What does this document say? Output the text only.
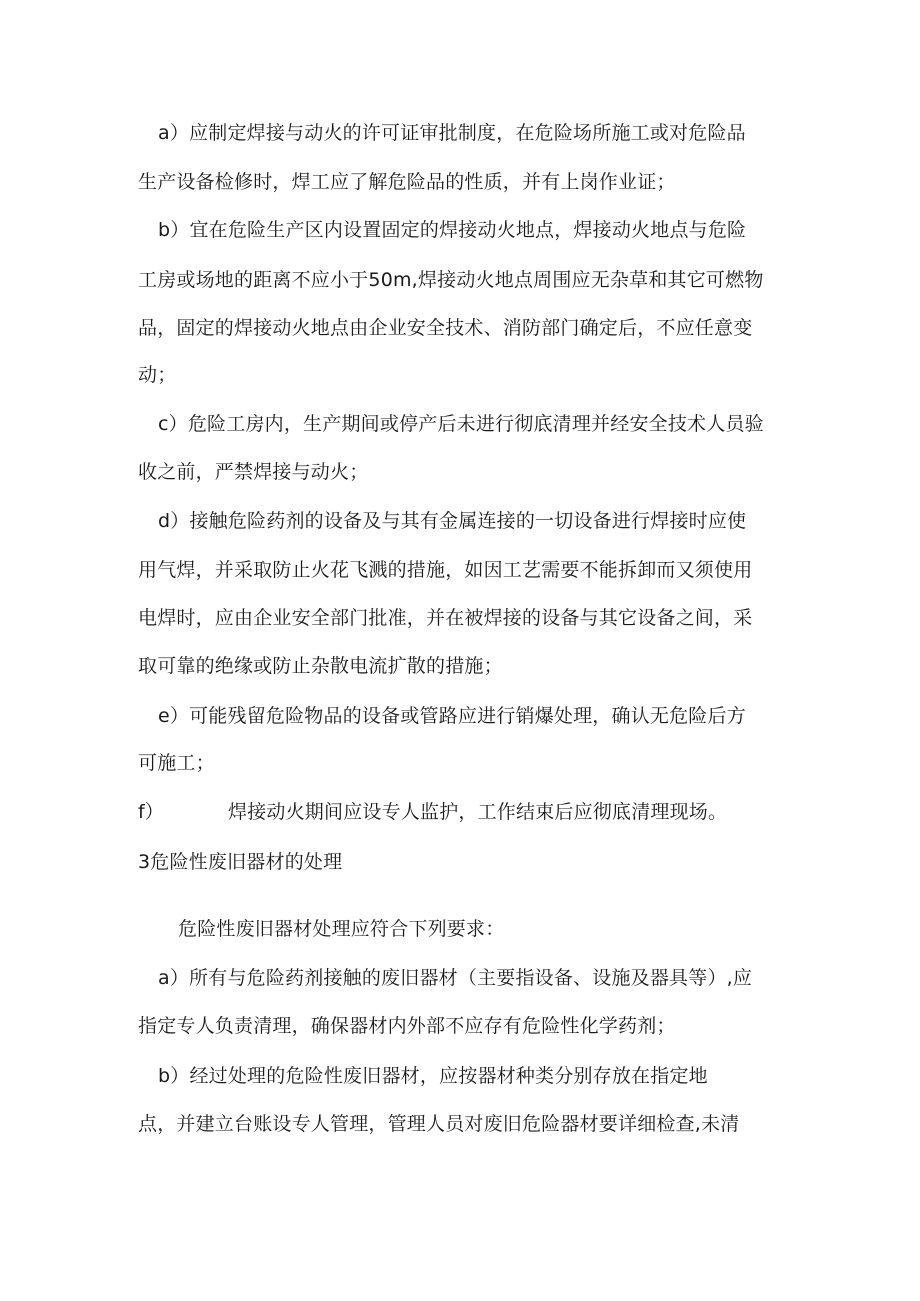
a）应制定焊接与动火的许可证审批制度，在危险场所施工或对危险品
生产设备检修时，焊工应了解危险品的性质，并有上岗作业证；
b）宜在危险生产区内设置固定的焊接动火地点，焊接动火地点与危险
工房或场地的距离不应小于50m,焊接动火地点周围应无杂草和其它可燃物
品，固定的焊接动火地点由企业安全技术、消防部门确定后，不应任意变
动；
c）危险工房内，生产期间或停产后未进行彻底清理并经安全技术人员验
收之前，严禁焊接与动火；
d）接触危险药剂的设备及与其有金属连接的一切设备进行焊接时应使
用气焊，并采取防止火花飞溅的措施，如因工艺需要不能拆卸而又须使用
电焊时，应由企业安全部门批准，并在被焊接的设备与其它设备之间，采
取可靠的绝缘或防止杂散电流扩散的措施；
e）可能残留危险物品的设备或管路应进行销爆处理，确认无危险后方
可施工；
f）	焊接动火期间应设专人监护，工作结束后应彻底清理现场。
3危险性废旧器材的处理
危险性废旧器材处理应符合下列要求：
a）所有与危险药剂接触的废旧器材（主要指设备、设施及器具等）,应
指定专人负责清理，确保器材内外部不应存有危险性化学药剂；
b）经过处理的危险性废旧器材，应按器材种类分别存放在指定地
点，并建立台账设专人管理，管理人员对废旧危险器材要详细检查,未清
